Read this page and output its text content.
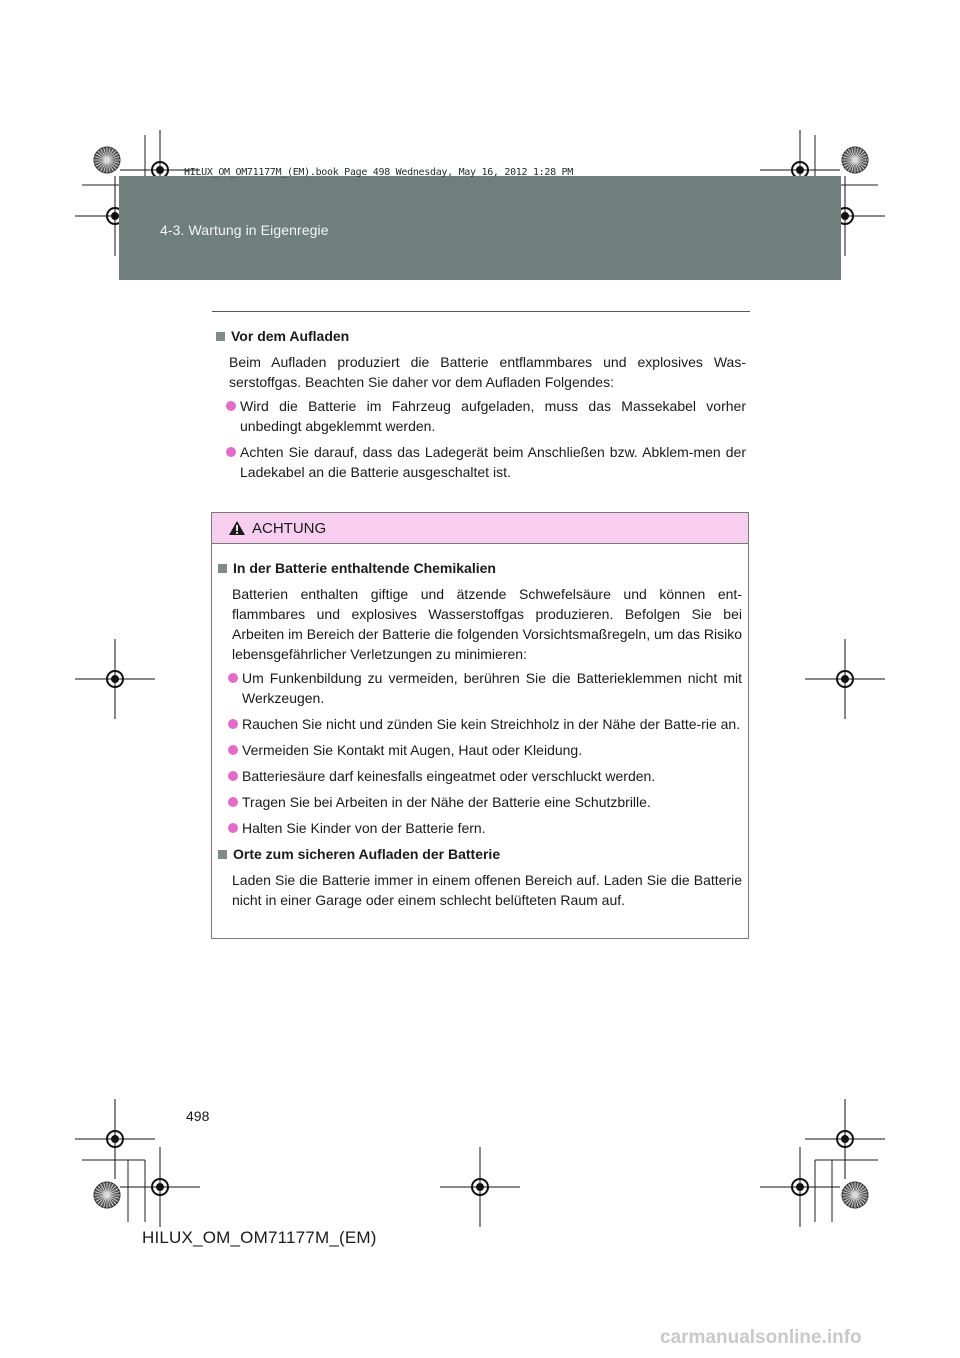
HILUX_OM_OM71177M_(EM).book Page 498 Wednesday, May 16, 2012 1:28 PM
4-3. Wartung in Eigenregie
Vor dem Aufladen
Beim Aufladen produziert die Batterie entflammbares und explosives Was-serstoffgas. Beachten Sie daher vor dem Aufladen Folgendes:
Wird die Batterie im Fahrzeug aufgeladen, muss das Massekabel vorher unbedingt abgeklemmt werden.
Achten Sie darauf, dass das Ladegerät beim Anschließen bzw. Abklem-men der Ladekabel an die Batterie ausgeschaltet ist.
ACHTUNG
In der Batterie enthaltende Chemikalien
Batterien enthalten giftige und ätzende Schwefelsäure und können ent-flammbares und explosives Wasserstoffgas produzieren. Befolgen Sie bei Arbeiten im Bereich der Batterie die folgenden Vorsichtsmaßregeln, um das Risiko lebensgefährlicher Verletzungen zu minimieren:
Um Funkenbildung zu vermeiden, berühren Sie die Batterieklemmen nicht mit Werkzeugen.
Rauchen Sie nicht und zünden Sie kein Streichholz in der Nähe der Batte-rie an.
Vermeiden Sie Kontakt mit Augen, Haut oder Kleidung.
Batteriesäure darf keinesfalls eingeatmet oder verschluckt werden.
Tragen Sie bei Arbeiten in der Nähe der Batterie eine Schutzbrille.
Halten Sie Kinder von der Batterie fern.
Orte zum sicheren Aufladen der Batterie
Laden Sie die Batterie immer in einem offenen Bereich auf. Laden Sie die Batterie nicht in einer Garage oder einem schlecht belüfteten Raum auf.
498
HILUX_OM_OM71177M_(EM)
carmanualsonline.info
